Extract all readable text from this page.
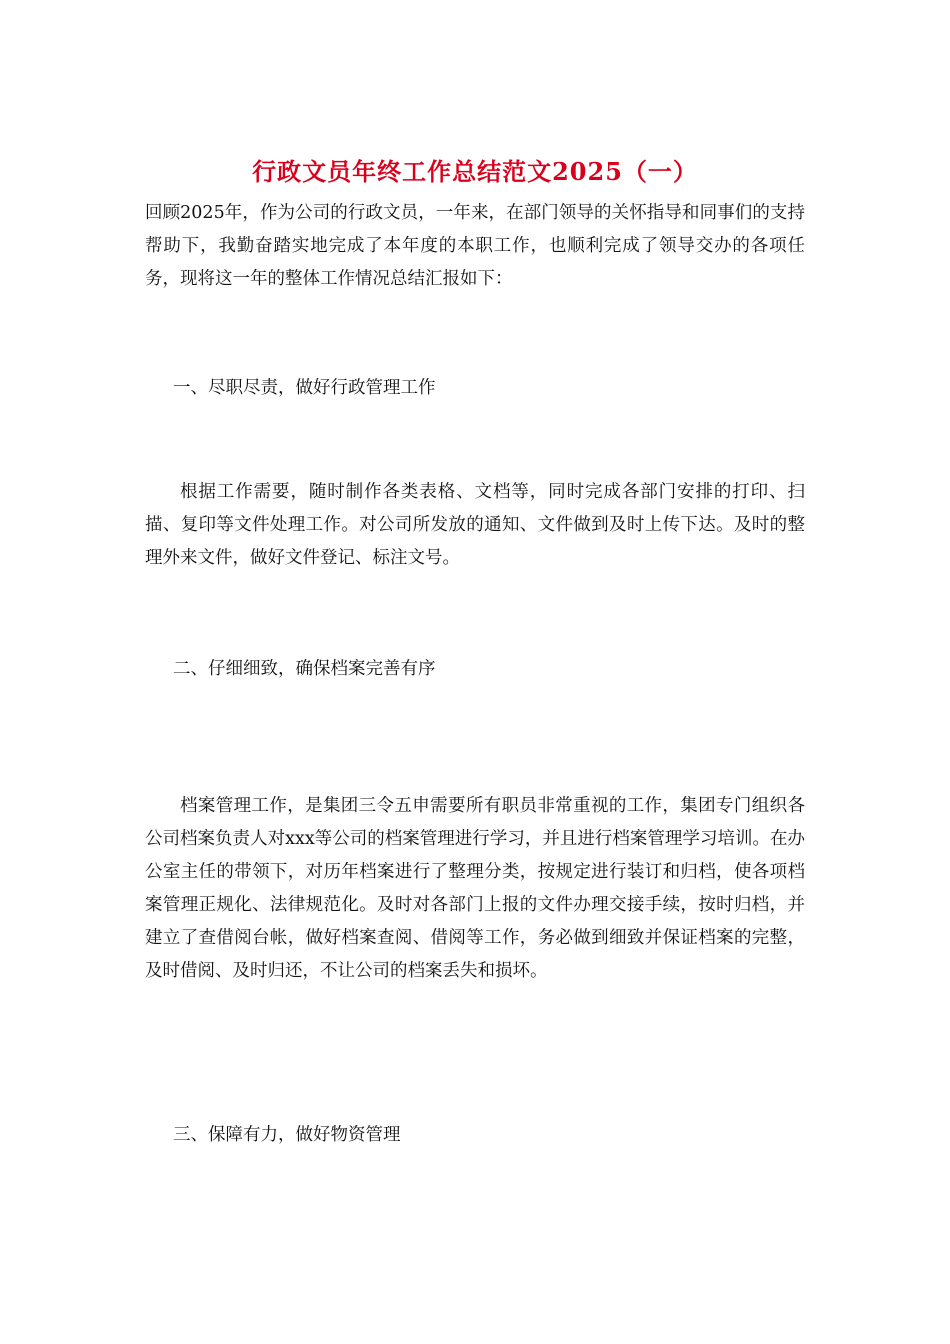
行政文员年终工作总结范文2025（一）

回顾2025年，作为公司的行政文员，一年来，在部门领导的关怀指导和同事们的支持帮助下，我勤奋踏实地完成了本年度的本职工作，也顺利完成了领导交办的各项任务，现将这一年的整体工作情况总结汇报如下：

一、尽职尽责，做好行政管理工作

根据工作需要，随时制作各类表格、文档等，同时完成各部门安排的打印、扫描、复印等文件处理工作。对公司所发放的通知、文件做到及时上传下达。及时的整理外来文件，做好文件登记、标注文号。

二、仔细细致，确保档案完善有序

档案管理工作，是集团三令五申需要所有职员非常重视的工作，集团专门组织各公司档案负责人对xxx等公司的档案管理进行学习，并且进行档案管理学习培训。在办公室主任的带领下，对历年档案进行了整理分类，按规定进行装订和归档，使各项档案管理正规化、法律规范化。及时对各部门上报的文件办理交接手续，按时归档，并建立了查借阅台帐，做好档案查阅、借阅等工作，务必做到细致并保证档案的完整，及时借阅、及时归还，不让公司的档案丢失和损坏。

三、保障有力，做好物资管理
